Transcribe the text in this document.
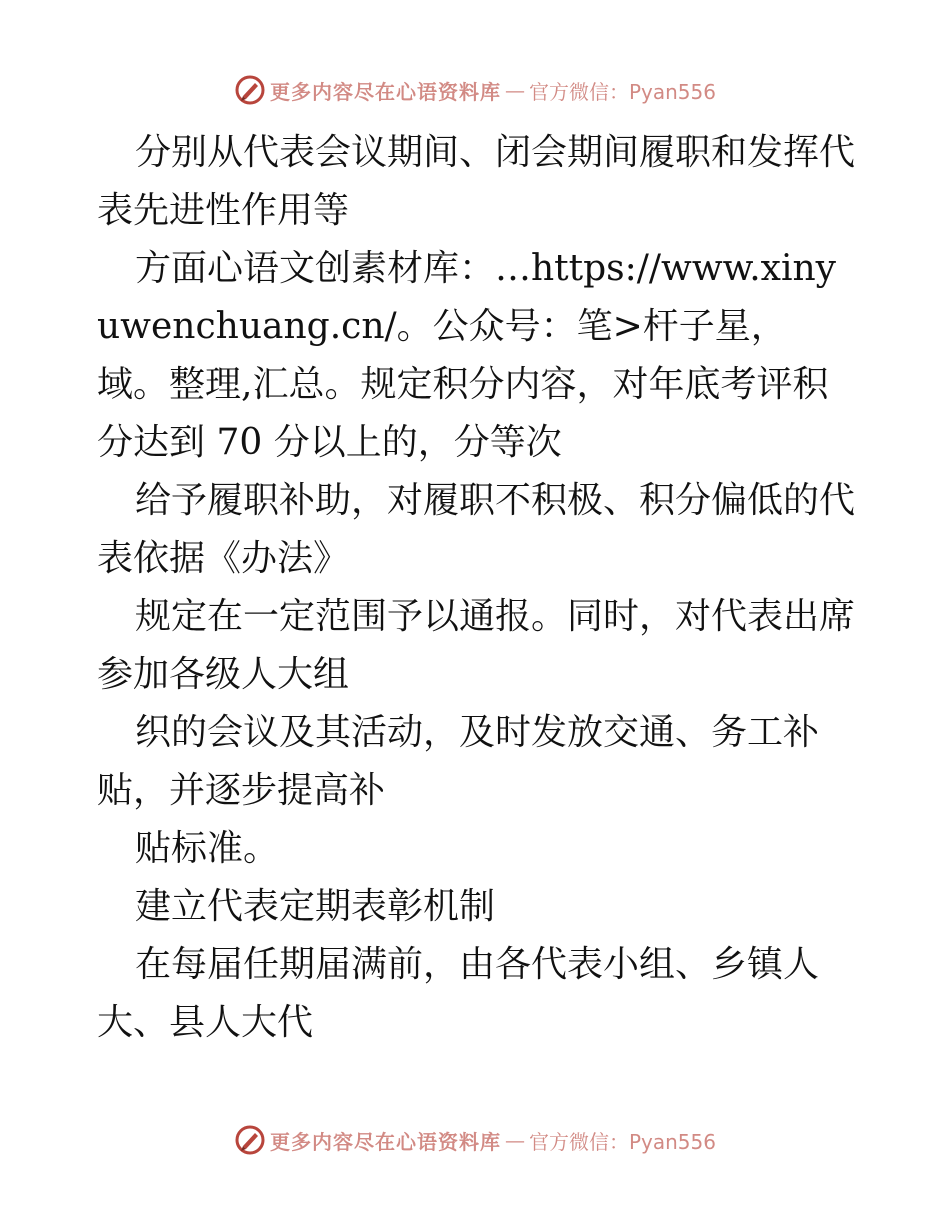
更多内容尽在心语资料库 — 官方微信：Pyan556

分别从代表会议期间、闭会期间履职和发挥代表先进性作用等

方面心语文创素材库：…https://www.xinyuwenchuang.cn/。公众号：笔>杆子星，域。整理,汇总。规定积分内容，对年底考评积分达到 70 分以上的，分等次

给予履职补助，对履职不积极、积分偏低的代表依据《办法》

规定在一定范围予以通报。同时，对代表出席参加各级人大组

织的会议及其活动，及时发放交通、务工补贴，并逐步提高补

贴标准。

建立代表定期表彰机制

在每届任期届满前，由各代表小组、乡镇人大、县人大代

更多内容尽在心语资料库 — 官方微信：Pyan556
